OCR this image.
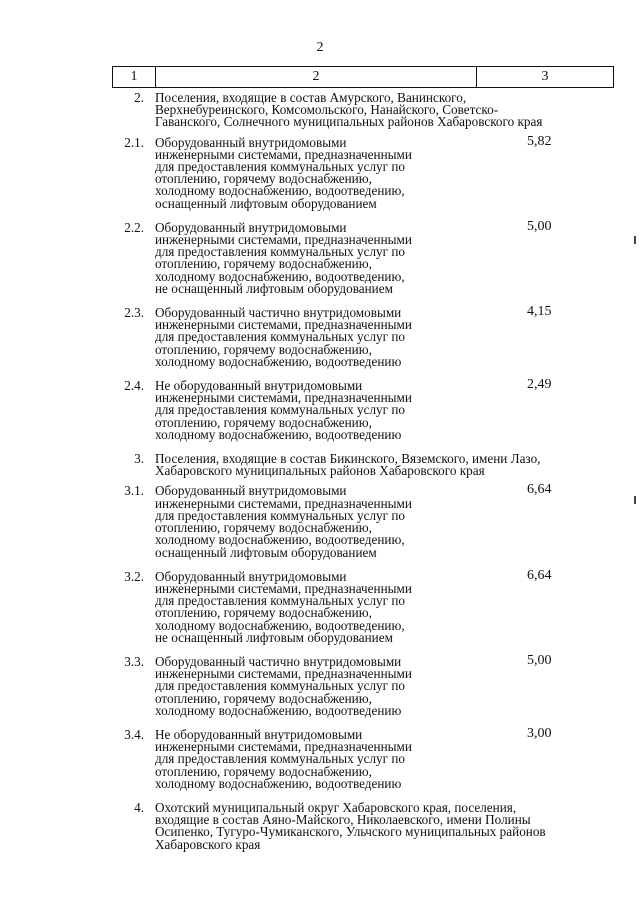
2
1	2	3
2. Поселения, входящие в состав Амурского, Ванинского,
Верхнебуреинского, Комсомольского, Нанайского, Советско-
Гаванского, Солнечного муниципальных районов Хабаровского края
2.1. Оборудованный внутридомовыми
инженерными системами, предназначенными
для предоставления коммунальных услуг по
отоплению, горячему водоснабжению,
холодному водоснабжению, водоотведению,
оснащенный лифтовым оборудованием
5,82
2.2. Оборудованный внутридомовыми
инженерными системами, предназначенными
для предоставления коммунальных услуг по
отоплению, горячему водоснабжению,
холодному водоснабжению, водоотведению,
не оснащенный лифтовым оборудованием
5,00
2.3. Оборудованный частично внутридомовыми
инженерными системами, предназначенными
для предоставления коммунальных услуг по
отоплению, горячему водоснабжению,
холодному водоснабжению, водоотведению
4,15
2.4. Не оборудованный внутридомовыми
инженерными системами, предназначенными
для предоставления коммунальных услуг по
отоплению, горячему водоснабжению,
холодному водоснабжению, водоотведению
2,49
3. Поселения, входящие в состав Бикинского, Вяземского, имени Лазо,
Хабаровского муниципальных районов Хабаровского края
3.1. Оборудованный внутридомовыми
инженерными системами, предназначенными
для предоставления коммунальных услуг по
отоплению, горячему водоснабжению,
холодному водоснабжению, водоотведению,
оснащенный лифтовым оборудованием
6,64
3.2. Оборудованный внутридомовыми
инженерными системами, предназначенными
для предоставления коммунальных услуг по
отоплению, горячему водоснабжению,
холодному водоснабжению, водоотведению,
не оснащенный лифтовым оборудованием
6,64
3.3. Оборудованный частично внутридомовыми
инженерными системами, предназначенными
для предоставления коммунальных услуг по
отоплению, горячему водоснабжению,
холодному водоснабжению, водоотведению
5,00
3.4. Не оборудованный внутридомовыми
инженерными системами, предназначенными
для предоставления коммунальных услуг по
отоплению, горячему водоснабжению,
холодному водоснабжению, водоотведению
3,00
4. Охотский муниципальный округ Хабаровского края, поселения,
входящие в состав Аяно-Майского, Николаевского, имени Полины
Осипенко, Тугуро-Чумиканского, Ульчского муниципальных районов
Хабаровского края
